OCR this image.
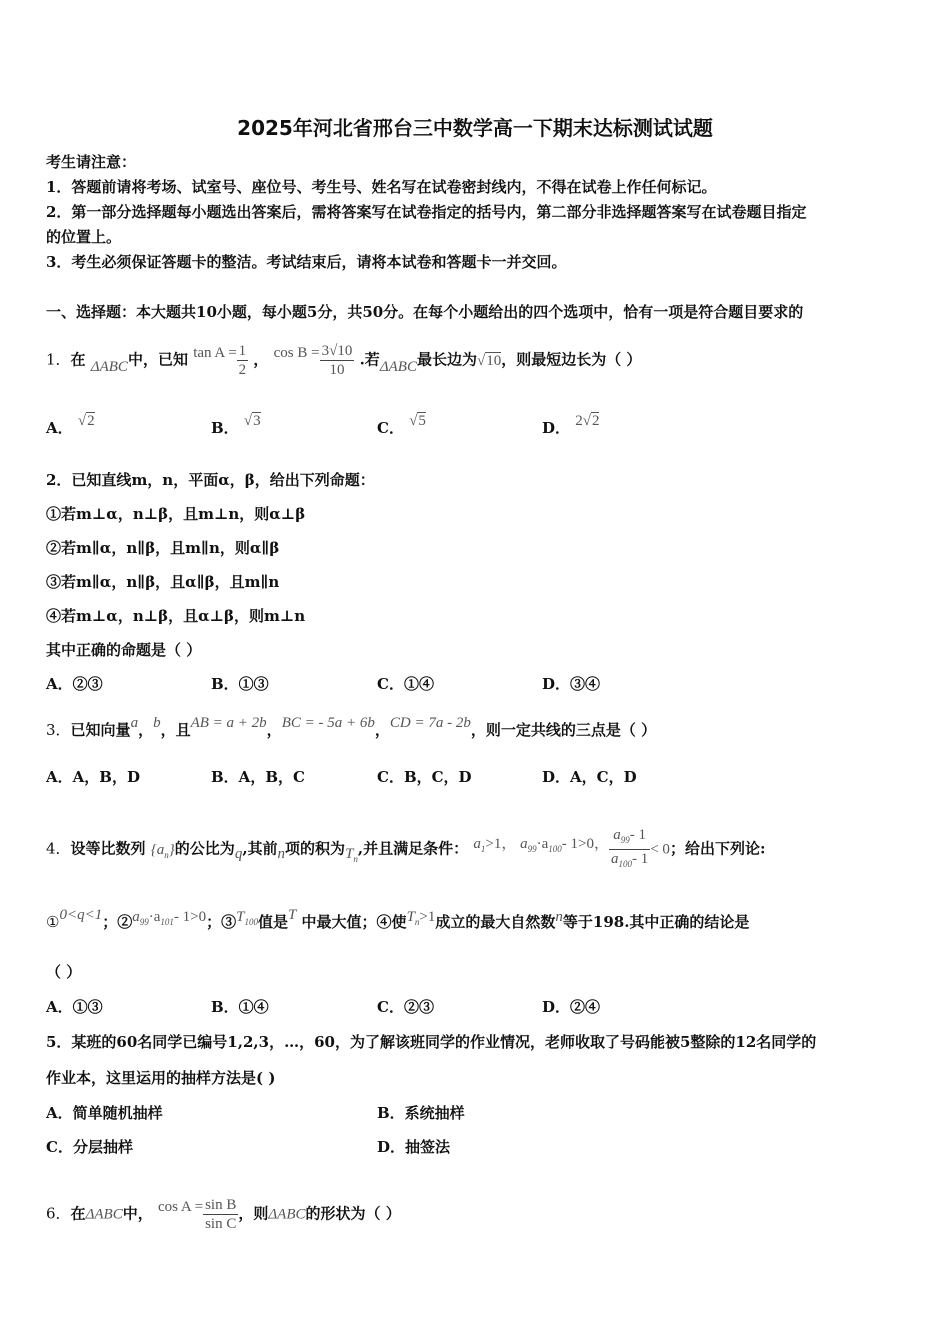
2025年河北省邢台三中数学高一下期末达标测试试题
考生请注意：
1．答题前请将考场、试室号、座位号、考生号、姓名写在试卷密封线内，不得在试卷上作任何标记。
2．第一部分选择题每小题选出答案后，需将答案写在试卷指定的括号内，第二部分非选择题答案写在试卷题目指定
的位置上。
3．考生必须保证答题卡的整洁。考试结束后，请将本试卷和答题卡一并交回。
一、选择题：本大题共10小题，每小题5分，共50分。在每个小题给出的四个选项中，恰有一项是符合题目要求的
1．在 ΔABC中，已知 $\tan A = \frac{1}{2}$ ， $\cos B = \frac{3√10}{10}$ .若ΔABC最长边为√10，则最短边长为（ ）
A． √2	B． √3	C． √5	D． 2√2
2．已知直线m，n，平面α，β，给出下列命题：
①若m⊥α，n⊥β，且m⊥n，则α⊥β
②若m∥α，n∥β，且m∥n，则α∥β
③若m∥α，n∥β，且α∥β，且m∥n
④若m⊥α，n⊥β，且α⊥β，则m⊥n
其中正确的命题是（ ）
A．②③	B．①③	C．①④	D．③④
3．已知向量a，b，且AB = a + 2b，BC = - 5a + 6b，CD = 7a - 2b，则一定共线的三点是（ ）
A．A，B，D	B．A，B，C	C．B，C，D	D．A，C，D
4．设等比数列 $\{a_n\}$的公比为q,其前n项的积为$T_n$,并且满足条件： $a_1>1$， $a_{99}\cdot a_{100}-$ 1>0， $\frac{a_{99}- 1}{a_{100}- 1} < 0$；给出下列论:
①0<q<1；$②a_{99}\cdot a_{101}-$ 1>0；$③T_{100}$值是T 中最大值；④使$T_n>1$成立的最大自然数n等于198.其中正确的结论是
（ ）
A．①③	B．①④	C．②③	D．②④
5．某班的60名同学已编号1,2,3，…，60，为了解该班同学的作业情况，老师收取了号码能被5整除的12名同学的
作业本，这里运用的抽样方法是( )
A．简单随机抽样	B．系统抽样
C．分层抽样	D．抽签法
6．在ΔABC中， $\cos A = \frac{\text{sin B}}{\text{sin C}}$ ，则ΔABC的形状为（ ）
